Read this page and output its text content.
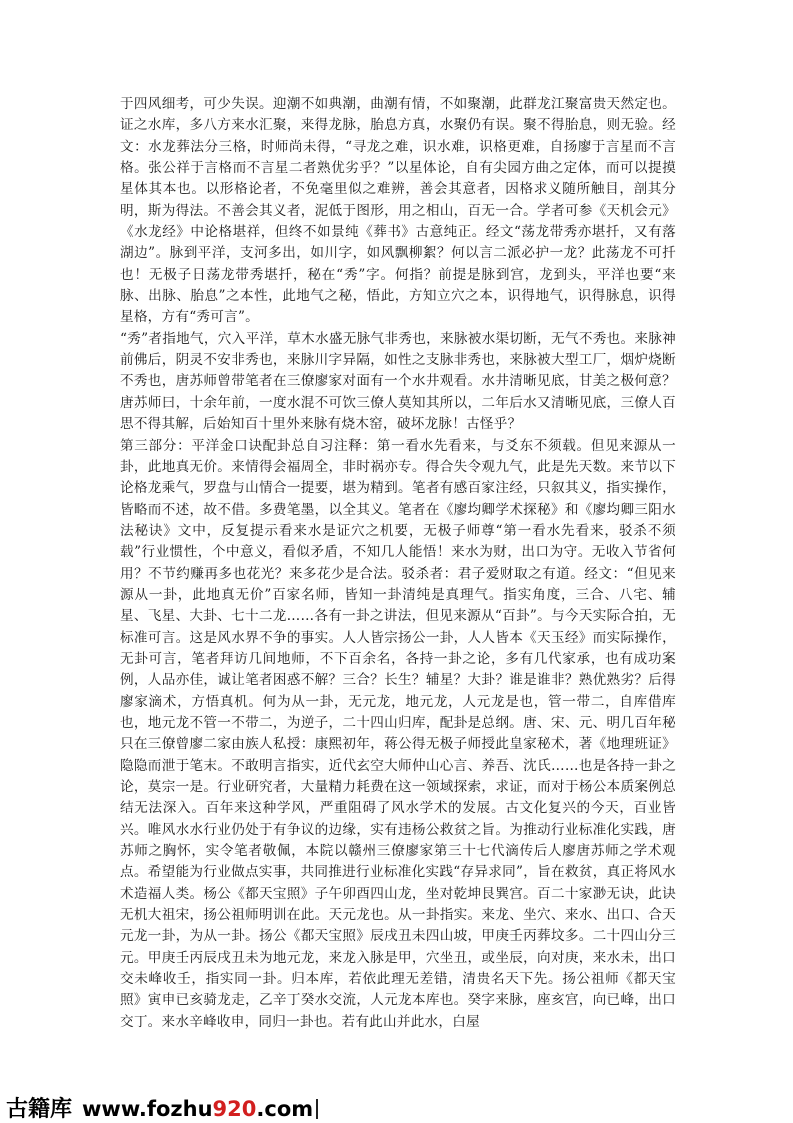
于四风细考，可少失误。迎潮不如典潮，曲潮有情，不如聚潮，此群龙江聚富贵天然定也。证之水库，多八方来水汇聚，来得龙脉，胎息方真，水聚仍有误。聚不得胎息，则无验。经文：水龙葬法分三格，时师尚未得，“寻龙之难，识水难，识格更难，自扬廖于言星而不言格。张公祥于言格而不言星二者熟优劣乎？”以星体论，自有尖园方曲之定体，而可以提摸星体其本也。以形格论者，不免毫里似之难辨，善会其意者，因格求义随所触目，剖其分明，斯为得法。不善会其义者，泥低于图形，用之相山，百无一合。学者可参《天机会元》《水龙经》中论格堪祥，但终不如景纯《葬书》古意纯正。经文“荡龙带秀亦堪扦，又有落湖边”。脉到平洋，支河多出，如川字，如风飘柳絮？何以言二派必护一龙？此荡龙不可扦也！无极子日荡龙带秀堪扦，秘在“秀”字。何指？前提是脉到宫，龙到头，平洋也要“来脉、出脉、胎息”之本性，此地气之秘，悟此，方知立穴之本，识得地气，识得脉息，识得星格，方有“秀可言”。

“秀”者指地气，穴入平洋，草木水盛无脉气非秀也，来脉被水渠切断，无气不秀也。来脉神前佛后，阴灵不安非秀也，来脉川字异隔，如性之支脉非秀也，来脉被大型工厂，烟炉烧断不秀也，唐苏师曾带笔者在三僚廖家对面有一个水井观看。水井清晰见底，甘美之极何意？唐苏师曰，十余年前，一度水混不可饮三僚人莫知其所以，二年后水又清晰见底，三僚人百思不得其解，后始知百十里外来脉有烧木窑，破坏龙脉！古怪乎？

第三部分：平洋金口诀配卦总自习注释：第一看水先看来，与爻东不须载。但见来源从一卦，此地真无价。来情得会福周全，非时祸亦专。得合失令观九气，此是先天数。来节以下论格龙乘气，罗盘与山情合一提要，堪为精到。笔者有感百家注经，只叙其义，指实操作，皆略而不述，故不借。多费笔墨，以全其义。笔者在《廖均卿学术探秘》和《廖均卿三阳水法秘诀》文中，反复提示看来水是证穴之机要，无极子师尊“第一看水先看来，驳杀不须载”行业惯性，个中意义，看似矛盾，不知几人能悟！来水为财，出口为守。无收入节省何用？不节约赚再多也花光？来多花少是合法。驳杀者：君子爱财取之有道。经文：“但见来源从一卦，此地真无价”百家名师，皆知一卦清纯是真理气。指实角度，三合、八宅、辅星、飞星、大卦、七十二龙……各有一卦之讲法，但见来源从“百卦”。与今天实际合拍，无标准可言。这是风水界不争的事实。人人皆宗扬公一卦，人人皆本《天玉经》而实际操作，无卦可言，笔者拜访几间地师，不下百余名，各持一卦之论，多有几代家承，也有成功案例，人品亦佳，诚让笔者困惑不解？三合？长生？辅星？大卦？谁是谁非？熟优熟劣？后得廖家滴术，方悟真机。何为从一卦，无元龙，地元龙，人元龙是也，管一带二，自库借库也，地元龙不管一不带二，为逆子，二十四山归库，配卦是总纲。唐、宋、元、明几百年秘只在三僚曾廖二家由族人私授：康熙初年，蒋公得无极子师授此皇家秘术，著《地理班证》隐隐而泄于笔末。不敢明言指实，近代玄空大师仲山心言、养吾、沈氏……也是各持一卦之论，莫宗一是。行业研究者，大量精力耗费在这一领域探索，求证，而对于杨公本质案例总结无法深入。百年来这种学风，严重阻碍了风水学术的发展。古文化复兴的今天，百业皆兴。唯风水水行业仍处于有争议的边缘，实有违杨公救贫之旨。为推动行业标准化实践，唐苏师之胸怀，实令笔者敬佩，本院以赣州三僚廖家第三十七代滴传后人廖唐苏师之学术观点。希望能为行业做点实事，共同推进行业标准化实践“存异求同”，旨在救贫，真正将风水术造福人类。杨公《都天宝照》子午卯酉四山龙，坐对乾坤艮巽宫。百二十家渺无诀，此诀无机大祖宋，扬公祖师明训在此。天元龙也。从一卦指实。来龙、坐穴、来水、出口、合天元龙一卦，为从一卦。扬公《都天宝照》辰戌丑未四山坡，甲庚壬丙葬坟多。二十四山分三元。甲庚壬丙辰戌丑未为地元龙，来龙入脉是甲，穴坐丑，或坐辰，向对庚，来水未，出口交未峰收壬，指实同一卦。归本库，若依此理无差错，清贵名天下先。扬公祖师《都天宝照》寅申已亥骑龙走，乙辛丁癸水交流，人元龙本库也。癸字来脉，座亥宫，向已峰，出口交丁。来水辛峰收申，同归一卦也。若有此山并此水，白屋

古籍库 www.fozhu920.com
